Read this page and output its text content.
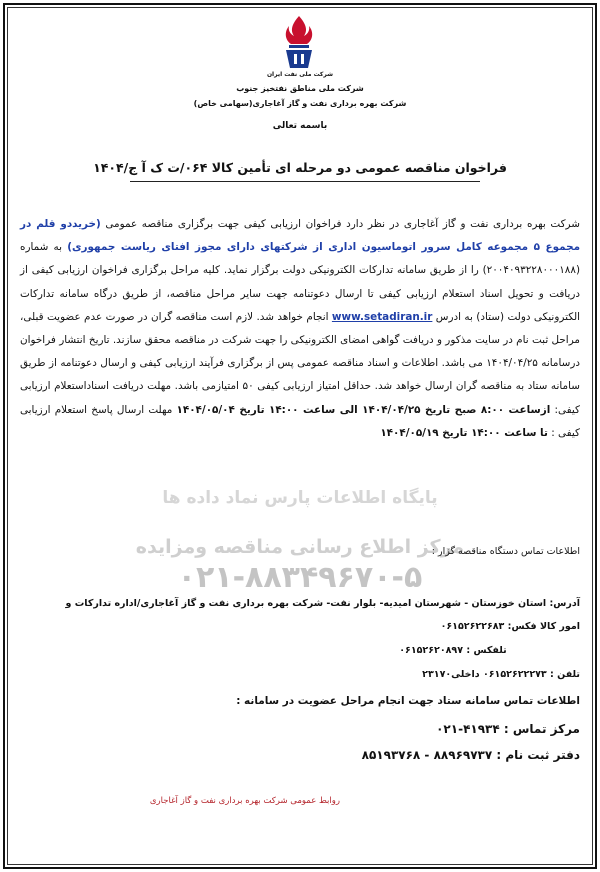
شرکت ملی نفت ایران
شرکت ملی مناطق نفتخیز جنوب
شرکت بهره برداری نفت و گاز آغاجاری(سهامی خاص)
باسمه تعالی
فراخوان مناقصه عمومی دو مرحله ای تأمین کالا ۰۶۴/ت ک آ ج/۱۴۰۴
پایگاه اطلاعات پارس نماد داده ها
مرکز اطلاع رسانی مناقصه ومزایده
۰۲۱-۸۸۳۴۹۶۷۰-۵
شرکت بهره برداری نفت و گاز آغاجاری در نظر دارد فراخوان ارزیابی کیفی جهت برگزاری مناقصه عمومی (خریددو قلم در مجموع ۵ مجموعه کامل سرور اتوماسیون اداری از شرکتهای دارای مجوز افتای ریاست جمهوری) به شماره (۲۰۰۴۰۹۳۲۲۸۰۰۰۱۸۸) را از طریق سامانه تدارکات الکترونیکی دولت برگزار نماید. کلیه مراحل برگزاری فراخوان ارزیابی کیفی از دریافت و تحویل اسناد استعلام ارزیابی کیفی تا ارسال دعوتنامه جهت سایر مراحل مناقصه، از طریق درگاه سامانه تدارکات الکترونیکی دولت (ستاد) به ادرس www.setadiran.ir انجام خواهد شد. لازم است مناقصه گران در صورت عدم عضویت قبلی، مراحل ثبت نام در سایت مذکور و دریافت گواهی امضای الکترونیکی را جهت شرکت در مناقصه محقق سازند. تاریخ انتشار فراخوان درسامانه ۱۴۰۴/۰۴/۲۵ می باشد. اطلاعات و اسناد مناقصه عمومی پس از برگزاری فرآیند ارزیابی کیفی و ارسال دعوتنامه از طریق سامانه ستاد به مناقصه گران ارسال خواهد شد. حداقل امتیاز ارزیابی کیفی ۵۰ امتیازمی باشد. مهلت دریافت اسناداستعلام ارزیابی کیفی: ازساعت ۸:۰۰ صبح تاریخ ۱۴۰۴/۰۴/۲۵ الی ساعت ۱۴:۰۰ تاریخ ۱۴۰۴/۰۵/۰۴ مهلت ارسال پاسخ استعلام ارزیابی کیفی : تا ساعت ۱۴:۰۰ تاریخ ۱۴۰۴/۰۵/۱۹
اطلاعات تماس دستگاه مناقصه گزار :
آدرس: استان خوزستان - شهرستان امیدیه- بلوار نفت- شرکت بهره برداری نفت و گاز آغاجاری/اداره تدارکات و
امور کالا فکس: ۰۶۱۵۲۶۲۲۶۸۳
تلفکس : ۰۶۱۵۲۶۲۰۸۹۷
تلفن : ۰۶۱۵۲۶۲۲۲۷۳ داخلی۲۳۱۷۰
اطلاعات تماس سامانه ستاد جهت انجام مراحل عضویت در سامانه :
مرکز تماس : ۴۱۹۳۴-۰۲۱
دفتر ثبت نام : ۸۸۹۶۹۷۳۷ - ۸۵۱۹۳۷۶۸
روابط عمومی شرکت بهره برداری نفت و گاز آغاجاری
